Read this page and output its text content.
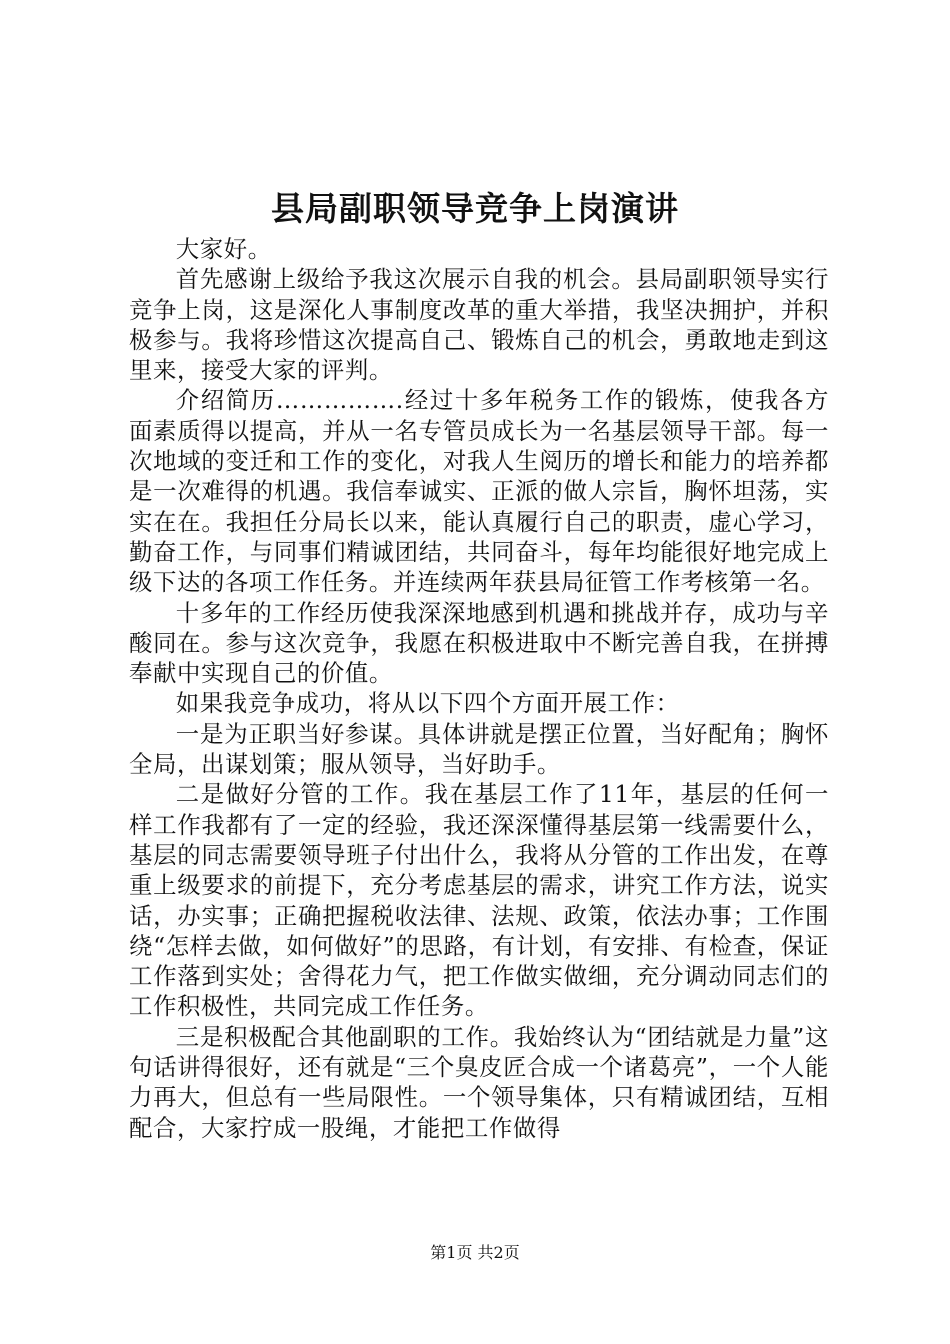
县局副职领导竞争上岗演讲

大家好。

首先感谢上级给予我这次展示自我的机会。县局副职领导实行竞争上岗，这是深化人事制度改革的重大举措，我坚决拥护，并积极参与。我将珍惜这次提高自己、锻炼自己的机会，勇敢地走到这里来，接受大家的评判。

介绍简历…………….经过十多年税务工作的锻炼，使我各方面素质得以提高，并从一名专管员成长为一名基层领导干部。每一次地域的变迁和工作的变化，对我人生阅历的增长和能力的培养都是一次难得的机遇。我信奉诚实、正派的做人宗旨，胸怀坦荡，实实在在。我担任分局长以来，能认真履行自己的职责，虚心学习，勤奋工作，与同事们精诚团结，共同奋斗，每年均能很好地完成上级下达的各项工作任务。并连续两年获县局征管工作考核第一名。

十多年的工作经历使我深深地感到机遇和挑战并存，成功与辛酸同在。参与这次竞争，我愿在积极进取中不断完善自我，在拼搏奉献中实现自己的价值。

如果我竞争成功，将从以下四个方面开展工作：

一是为正职当好参谋。具体讲就是摆正位置，当好配角；胸怀全局，出谋划策；服从领导，当好助手。

二是做好分管的工作。我在基层工作了11年，基层的任何一样工作我都有了一定的经验，我还深深懂得基层第一线需要什么，基层的同志需要领导班子付出什么，我将从分管的工作出发，在尊重上级要求的前提下，充分考虑基层的需求，讲究工作方法，说实话，办实事；正确把握税收法律、法规、政策，依法办事；工作围绕“怎样去做，如何做好”的思路，有计划，有安排、有检查，保证工作落到实处；舍得花力气，把工作做实做细，充分调动同志们的工作积极性，共同完成工作任务。

三是积极配合其他副职的工作。我始终认为“团结就是力量”这句话讲得很好，还有就是“三个臭皮匠合成一个诸葛亮”，一个人能力再大，但总有一些局限性。一个领导集体，只有精诚团结，互相配合，大家拧成一股绳，才能把工作做得

第1页 共2页
